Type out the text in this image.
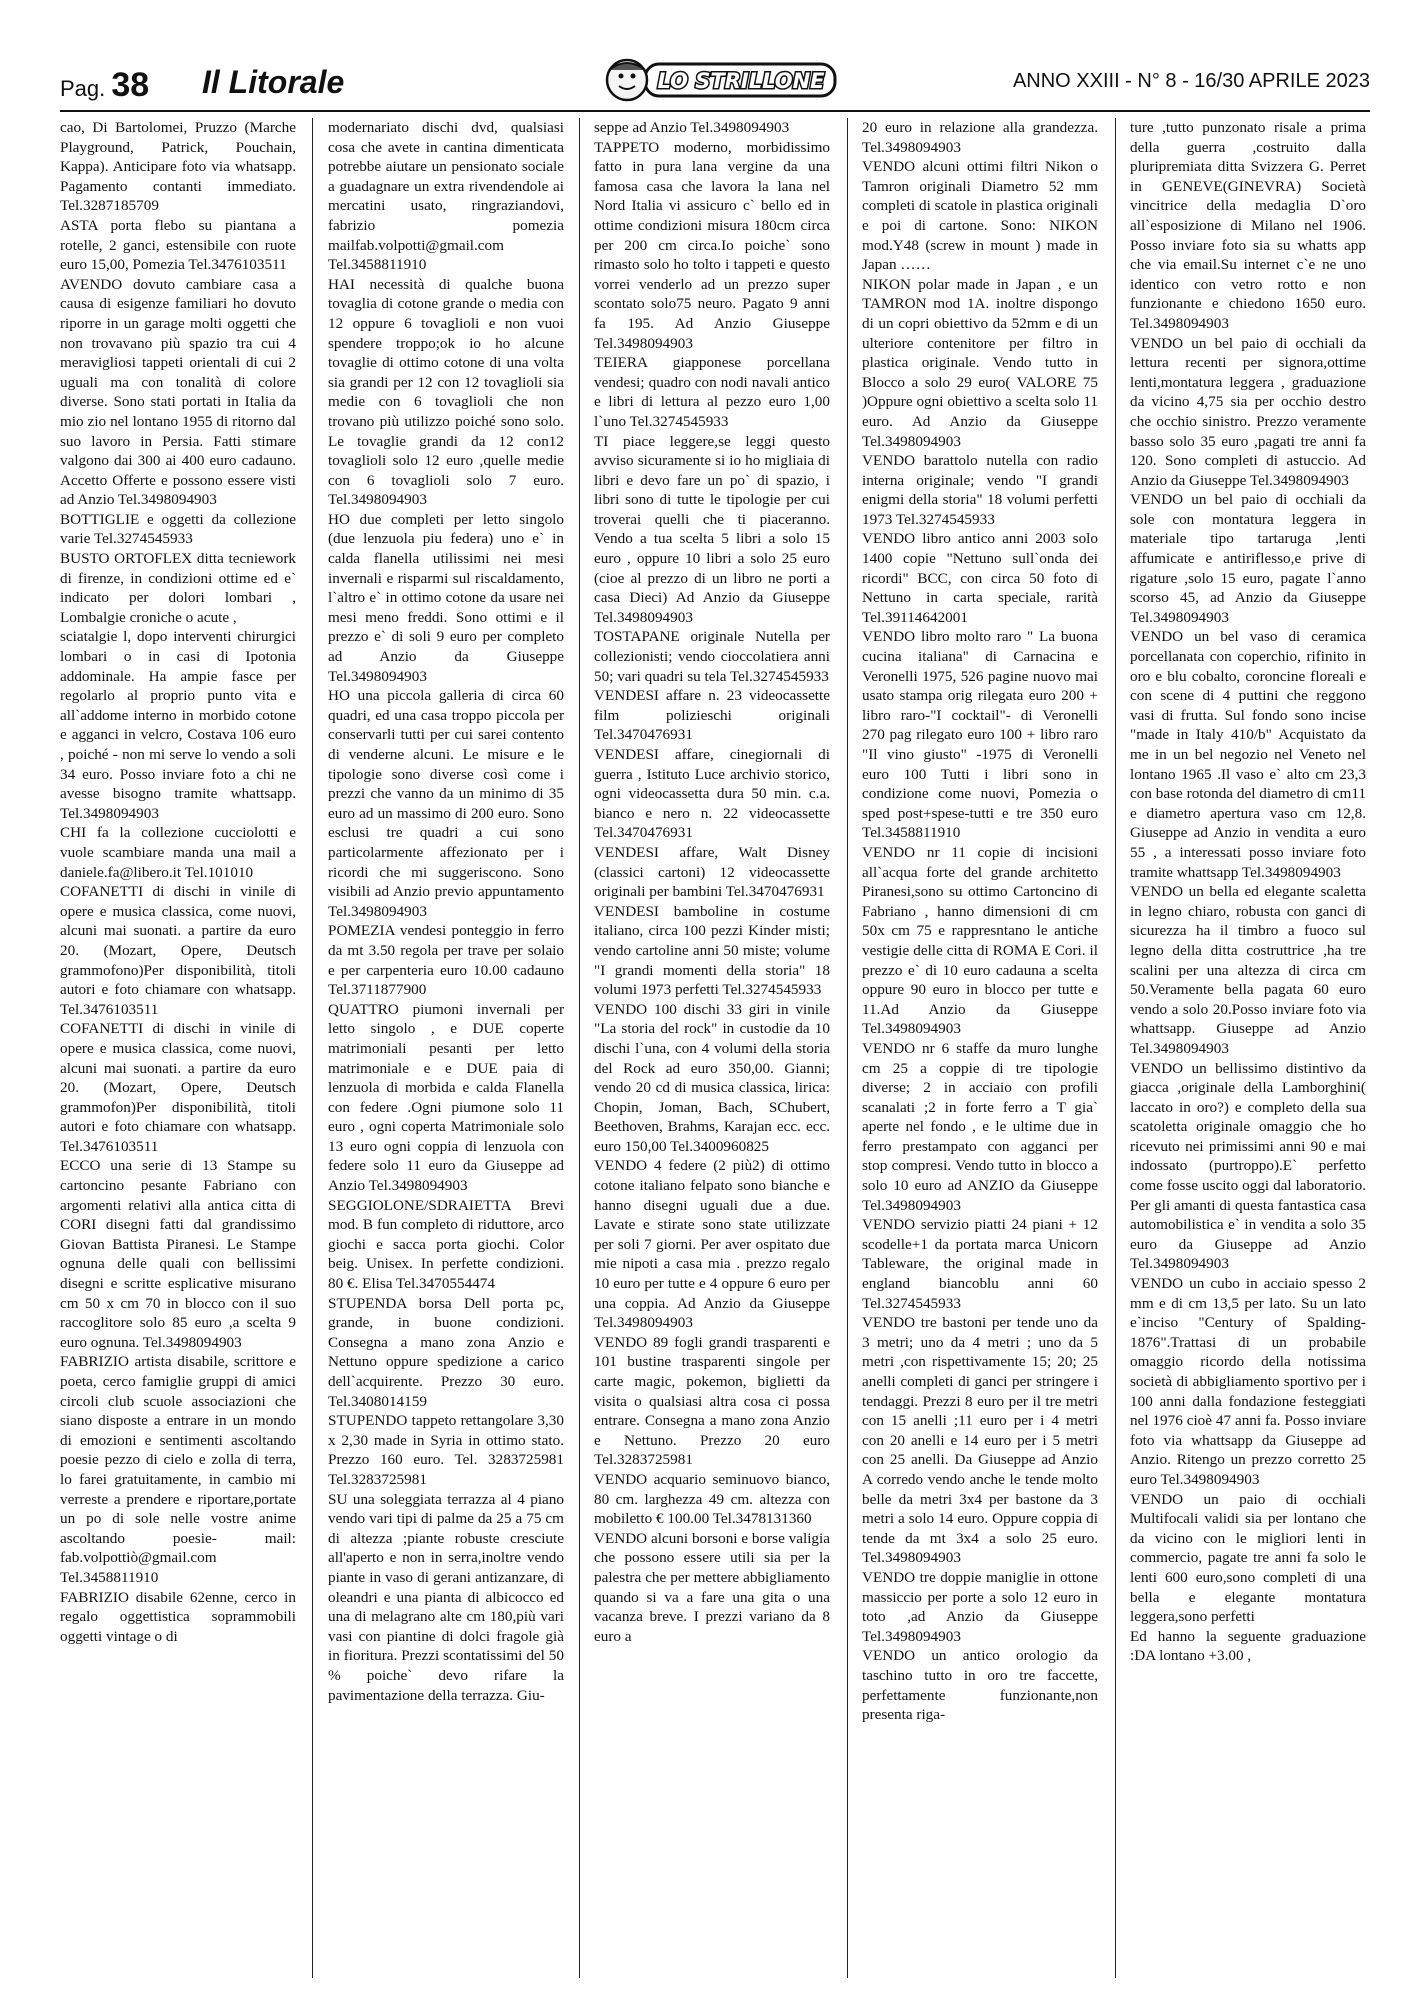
Pag. 38 Il Litorale	LO STRILLONE	ANNO XXIII - N° 8 - 16/30 APRILE 2023

cao, Di Bartolomei, Pruzzo (Marche Playground, Patrick, Pouchain, Kappa). Anticipare foto via whatsapp. Pagamento contanti immediato. Tel.3287185709

ASTA porta flebo su piantana a rotelle, 2 ganci, estensibile con ruote euro 15,00, Pomezia Tel.3476103511

AVENDO dovuto cambiare casa a causa di esigenze familiari ho dovuto riporre in un garage molti oggetti che non trovavano più spazio tra cui 4 meravigliosi tappeti orientali di cui 2 uguali ma con tonalità di colore diverse. Sono stati portati in Italia da mio zio nel lontano 1955 di ritorno dal suo lavoro in Persia. Fatti stimare valgono dai 300 ai 400 euro cadauno. Accetto Offerte e possono essere visti ad Anzio Tel.3498094903

BOTTIGLIE e oggetti da collezione varie Tel.3274545933

BUSTO ORTOFLEX ditta tecniework di firenze, in condizioni ottime ed e` indicato per dolori lombari , Lombalgie croniche o acute ,

sciatalgie l, dopo interventi chirurgici lombari o in casi di Ipotonia addominale. Ha ampie fasce per regolarlo al proprio punto vita e all`addome interno in morbido cotone e agganci in velcro, Costava 106 euro , poiché - non mi serve lo vendo a soli 34 euro. Posso inviare foto a chi ne avesse bisogno tramite whattsapp. Tel.3498094903

CHI fa la collezione cucciolotti e vuole scambiare manda una mail a daniele.fa@libero.it Tel.101010

COFANETTI di dischi in vinile di opere e musica classica, come nuovi, alcuni mai suonati. a partire da euro 20. (Mozart, Opere, Deutsch grammofono)Per disponibilità, titoli autori e foto chiamare con whatsapp. Tel.3476103511

COFANETTI di dischi in vinile di opere e musica classica, come nuovi, alcuni mai suonati. a partire da euro 20. (Mozart, Opere, Deutsch grammofon)Per disponibilità, titoli autori e foto chiamare con whatsapp. Tel.3476103511

ECCO una serie di 13 Stampe su cartoncino pesante Fabriano con argomenti relativi alla antica citta di CORI disegni fatti dal grandissimo Giovan Battista Piranesi. Le Stampe ognuna delle quali con bellissimi disegni e scritte esplicative misurano cm 50 x cm 70 in blocco con il suo raccoglitore solo 85 euro ,a scelta 9 euro ognuna. Tel.3498094903

FABRIZIO artista disabile, scrittore e poeta, cerco famiglie gruppi di amici circoli club scuole associazioni che siano disposte a entrare in un mondo di emozioni e sentimenti ascoltando poesie pezzo di cielo e zolla di terra, lo farei gratuitamente, in cambio mi verreste a prendere e riportare,portate un po di sole nelle vostre anime ascoltando poesie- mail: fab.volpottiò@gmail.com Tel.3458811910

FABRIZIO disabile 62enne, cerco in regalo oggettistica soprammobili oggetti vintage o di

modernariato dischi dvd, qualsiasi cosa che avete in cantina dimenticata potrebbe aiutare un pensionato sociale a guadagnare un extra rivendendole ai mercatini usato, ringraziandovi, fabrizio pomezia mailfab.volpotti@gmail.com Tel.3458811910

HAI necessità di qualche buona tovaglia di cotone grande o media con 12 oppure 6 tovaglioli e non vuoi spendere troppo;ok io ho alcune tovaglie di ottimo cotone di una volta sia grandi per 12 con 12 tovaglioli sia medie con 6 tovaglioli che non trovano più utilizzo poiché sono solo. Le tovaglie grandi da 12 con12 tovaglioli solo 12 euro ,quelle medie con 6 tovaglioli solo 7 euro. Tel.3498094903

HO due completi per letto singolo (due lenzuola piu federa) uno e` in calda flanella utilissimi nei mesi invernali e risparmi sul riscaldamento, l`altro e` in ottimo cotone da usare nei mesi meno freddi. Sono ottimi e il prezzo e` di soli 9 euro per completo ad Anzio da Giuseppe Tel.3498094903

HO una piccola galleria di circa 60 quadri, ed una casa troppo piccola per conservarli tutti per cui sarei contento di venderne alcuni. Le misure e le tipologie sono diverse così come i prezzi che vanno da un minimo di 35 euro ad un massimo di 200 euro. Sono esclusi tre quadri a cui sono particolarmente affezionato per i ricordi che mi suggeriscono. Sono visibili ad Anzio previo appuntamento Tel.3498094903

POMEZIA vendesi ponteggio in ferro da mt 3.50 regola per trave per solaio e per carpenteria euro 10.00 cadauno Tel.3711877900

QUATTRO piumoni invernali per letto singolo , e DUE coperte matrimoniali pesanti per letto matrimoniale e e DUE paia di lenzuola di morbida e calda Flanella con federe .Ogni piumone solo 11 euro , ogni coperta Matrimoniale solo 13 euro ogni coppia di lenzuola con federe solo 11 euro da Giuseppe ad Anzio Tel.3498094903

SEGGIOLONE/SDRAIETTA Brevi mod. B fun completo di riduttore, arco giochi e sacca porta giochi. Color beig. Unisex. In perfette condizioni. 80 €. Elisa Tel.3470554474

STUPENDA borsa Dell porta pc, grande, in buone condizioni. Consegna a mano zona Anzio e Nettuno oppure spedizione a carico dell`acquirente. Prezzo 30 euro. Tel.3408014159

STUPENDO tappeto rettangolare 3,30 x 2,30 made in Syria in ottimo stato. Prezzo 160 euro. Tel. 3283725981 Tel.3283725981

SU una soleggiata terrazza al 4 piano vendo vari tipi di palme da 25 a 75 cm di altezza ;piante robuste cresciute all'aperto e non in serra,inoltre vendo piante in vaso di gerani antizanzare, di oleandri e una pianta di albicocco ed una di melagrano alte cm 180,più vari vasi con piantine di dolci fragole già in fioritura. Prezzi scontatissimi del 50 % poiche` devo rifare la pavimentazione della terrazza. Giu-

seppe ad Anzio Tel.3498094903

TAPPETO moderno, morbidissimo fatto in pura lana vergine da una famosa casa che lavora la lana nel Nord Italia vi assicuro c` bello ed in ottime condizioni misura 180cm circa per 200 cm circa.Io poiche` sono rimasto solo ho tolto i tappeti e questo vorrei venderlo ad un prezzo super scontato solo75 neuro. Pagato 9 anni fa 195. Ad Anzio Giuseppe Tel.3498094903

TEIERA giapponese porcellana vendesi; quadro con nodi navali antico e libri di lettura al pezzo euro 1,00 l`uno Tel.3274545933

TI piace leggere,se leggi questo avviso sicuramente si io ho migliaia di libri e devo fare un po` di spazio, i libri sono di tutte le tipologie per cui troverai quelli che ti piaceranno. Vendo a tua scelta 5 libri a solo 15 euro , oppure 10 libri a solo 25 euro (cioe al prezzo di un libro ne porti a casa Dieci) Ad Anzio da Giuseppe Tel.3498094903

TOSTAPANE originale Nutella per collezionisti; vendo cioccolatiera anni 50; vari quadri su tela Tel.3274545933

VENDESI affare n. 23 videocassette film polizieschi originali Tel.3470476931

VENDESI affare, cinegiornali di guerra , Istituto Luce archivio storico, ogni videocassetta dura 50 min. c.a. bianco e nero n. 22 videocassette Tel.3470476931

VENDESI affare, Walt Disney (classici cartoni) 12 videocassette originali per bambini Tel.3470476931

VENDESI bamboline in costume italiano, circa 100 pezzi Kinder misti; vendo cartoline anni 50 miste; volume "I grandi momenti della storia" 18 volumi 1973 perfetti Tel.3274545933

VENDO 100 dischi 33 giri in vinile "La storia del rock" in custodie da 10 dischi l`una, con 4 volumi della storia del Rock ad euro 350,00. Gianni; vendo 20 cd di musica classica, lirica: Chopin, Joman, Bach, SChubert, Beethoven, Brahms, Karajan ecc. ecc. euro 150,00 Tel.3400960825

VENDO 4 federe (2 più2) di ottimo cotone italiano felpato sono bianche e hanno disegni uguali due a due. Lavate e stirate sono state utilizzate per soli 7 giorni. Per aver ospitato due mie nipoti a casa mia . prezzo regalo 10 euro per tutte e 4 oppure 6 euro per una coppia. Ad Anzio da Giuseppe Tel.3498094903

VENDO 89 fogli grandi trasparenti e 101 bustine trasparenti singole per carte magic, pokemon, biglietti da visita o qualsiasi altra cosa ci possa entrare. Consegna a mano zona Anzio e Nettuno. Prezzo 20 euro Tel.3283725981

VENDO acquario seminuovo bianco, 80 cm. larghezza 49 cm. altezza con mobiletto € 100.00 Tel.3478131360

VENDO alcuni borsoni e borse valigia che possono essere utili sia per la palestra che per mettere abbigliamento quando si va a fare una gita o una vacanza breve. I prezzi variano da 8 euro a

20 euro in relazione alla grandezza. Tel.3498094903

VENDO alcuni ottimi filtri Nikon o Tamron originali Diametro 52 mm completi di scatole in plastica originali e poi di cartone. Sono: NIKON mod.Y48 (screw in mount ) made in Japan ……

NIKON polar made in Japan , e un TAMRON mod 1A. inoltre dispongo di un copri obiettivo da 52mm e di un ulteriore contenitore per filtro in plastica originale. Vendo tutto in Blocco a solo 29 euro( VALORE 75 )Oppure ogni obiettivo a scelta solo 11 euro. Ad Anzio da Giuseppe Tel.3498094903

VENDO barattolo nutella con radio interna originale; vendo "I grandi enigmi della storia" 18 volumi perfetti 1973 Tel.3274545933

VENDO libro antico anni 2003 solo 1400 copie "Nettuno sull`onda dei ricordi" BCC, con circa 50 foto di Nettuno in carta speciale, rarità Tel.39114642001

VENDO libro molto raro " La buona cucina italiana" di Carnacina e Veronelli 1975, 526 pagine nuovo mai usato stampa orig rilegata euro 200 + libro raro-"I cocktail"- di Veronelli 270 pag rilegato euro 100 + libro raro "Il vino giusto" -1975 di Veronelli euro 100 Tutti i libri sono in condizione come nuovi, Pomezia o sped post+spese-tutti e tre 350 euro Tel.3458811910

VENDO nr 11 copie di incisioni all`acqua forte del grande architetto Piranesi,sono su ottimo Cartoncino di Fabriano , hanno dimensioni di cm 50x cm 75 e rappresntano le antiche vestigie delle citta di ROMA E Cori. il prezzo e` di 10 euro cadauna a scelta oppure 90 euro in blocco per tutte e 11.Ad Anzio da Giuseppe Tel.3498094903

VENDO nr 6 staffe da muro lunghe cm 25 a coppie di tre tipologie diverse; 2 in acciaio con profili scanalati ;2 in forte ferro a T gia` aperte nel fondo , e le ultime due in ferro prestampato con agganci per stop compresi. Vendo tutto in blocco a solo 10 euro ad ANZIO da Giuseppe Tel.3498094903

VENDO servizio piatti 24 piani + 12 scodelle+1 da portata marca Unicorn Tableware, the original made in england biancoblu anni 60 Tel.3274545933

VENDO tre bastoni per tende uno da 3 metri; uno da 4 metri ; uno da 5 metri ,con rispettivamente 15; 20; 25 anelli completi di ganci per stringere i tendaggi. Prezzi 8 euro per il tre metri con 15 anelli ;11 euro per i 4 metri con 20 anelli e 14 euro per i 5 metri con 25 anelli. Da Giuseppe ad Anzio A corredo vendo anche le tende molto belle da metri 3x4 per bastone da 3 metri a solo 14 euro. Oppure coppia di tende da mt 3x4 a solo 25 euro. Tel.3498094903

VENDO tre doppie maniglie in ottone massiccio per porte a solo 12 euro in toto ,ad Anzio da Giuseppe Tel.3498094903

VENDO un antico orologio da taschino tutto in oro tre faccette, perfettamente funzionante,non presenta riga-

ture ,tutto punzonato risale a prima della guerra ,costruito dalla pluripremiata ditta Svizzera G. Perret in GENEVE(GINEVRA) Società vincitrice della medaglia D`oro all`esposizione di Milano nel 1906. Posso inviare foto sia su whatts app che via email.Su internet c`e ne uno identico con vetro rotto e non funzionante e chiedono 1650 euro. Tel.3498094903

VENDO un bel paio di occhiali da lettura recenti per signora,ottime lenti,montatura leggera , graduazione da vicino 4,75 sia per occhio destro che occhio sinistro. Prezzo veramente basso solo 35 euro ,pagati tre anni fa 120. Sono completi di astuccio. Ad Anzio da Giuseppe Tel.3498094903

VENDO un bel paio di occhiali da sole con montatura leggera in materiale tipo tartaruga ,lenti affumicate e antiriflesso,e prive di rigature ,solo 15 euro, pagate l`anno scorso 45, ad Anzio da Giuseppe Tel.3498094903

VENDO un bel vaso di ceramica porcellanata con coperchio, rifinito in oro e blu cobalto, coroncine floreali e con scene di 4 puttini che reggono vasi di frutta. Sul fondo sono incise "made in Italy 410/b" Acquistato da me in un bel negozio nel Veneto nel lontano 1965 .Il vaso e` alto cm 23,3 con base rotonda del diametro di cm11 e diametro apertura vaso cm 12,8. Giuseppe ad Anzio in vendita a euro 55 , a interessati posso inviare foto tramite whattsapp Tel.3498094903

VENDO un bella ed elegante scaletta in legno chiaro, robusta con ganci di sicurezza ha il timbro a fuoco sul legno della ditta costruttrice ,ha tre scalini per una altezza di circa cm 50.Veramente bella pagata 60 euro vendo a solo 20.Posso inviare foto via whattsapp. Giuseppe ad Anzio Tel.3498094903

VENDO un bellissimo distintivo da giacca ,originale della Lamborghini( laccato in oro?) e completo della sua scatoletta originale omaggio che ho ricevuto nei primissimi anni 90 e mai indossato (purtroppo).E` perfetto come fosse uscito oggi dal laboratorio. Per gli amanti di questa fantastica casa automobilistica e` in vendita a solo 35 euro da Giuseppe ad Anzio Tel.3498094903

VENDO un cubo in acciaio spesso 2 mm e di cm 13,5 per lato. Su un lato e`inciso "Century of Spalding-1876".Trattasi di un probabile omaggio ricordo della notissima società di abbigliamento sportivo per i 100 anni dalla fondazione festeggiati nel 1976 cioè 47 anni fa. Posso inviare foto via whattsapp da Giuseppe ad Anzio. Ritengo un prezzo corretto 25 euro Tel.3498094903

VENDO un paio di occhiali Multifocali validi sia per lontano che da vicino con le migliori lenti in commercio, pagate tre anni fa solo le lenti 600 euro,sono completi di una bella e elegante montatura leggera,sono perfetti

Ed hanno la seguente graduazione :DA lontano +3.00 ,
